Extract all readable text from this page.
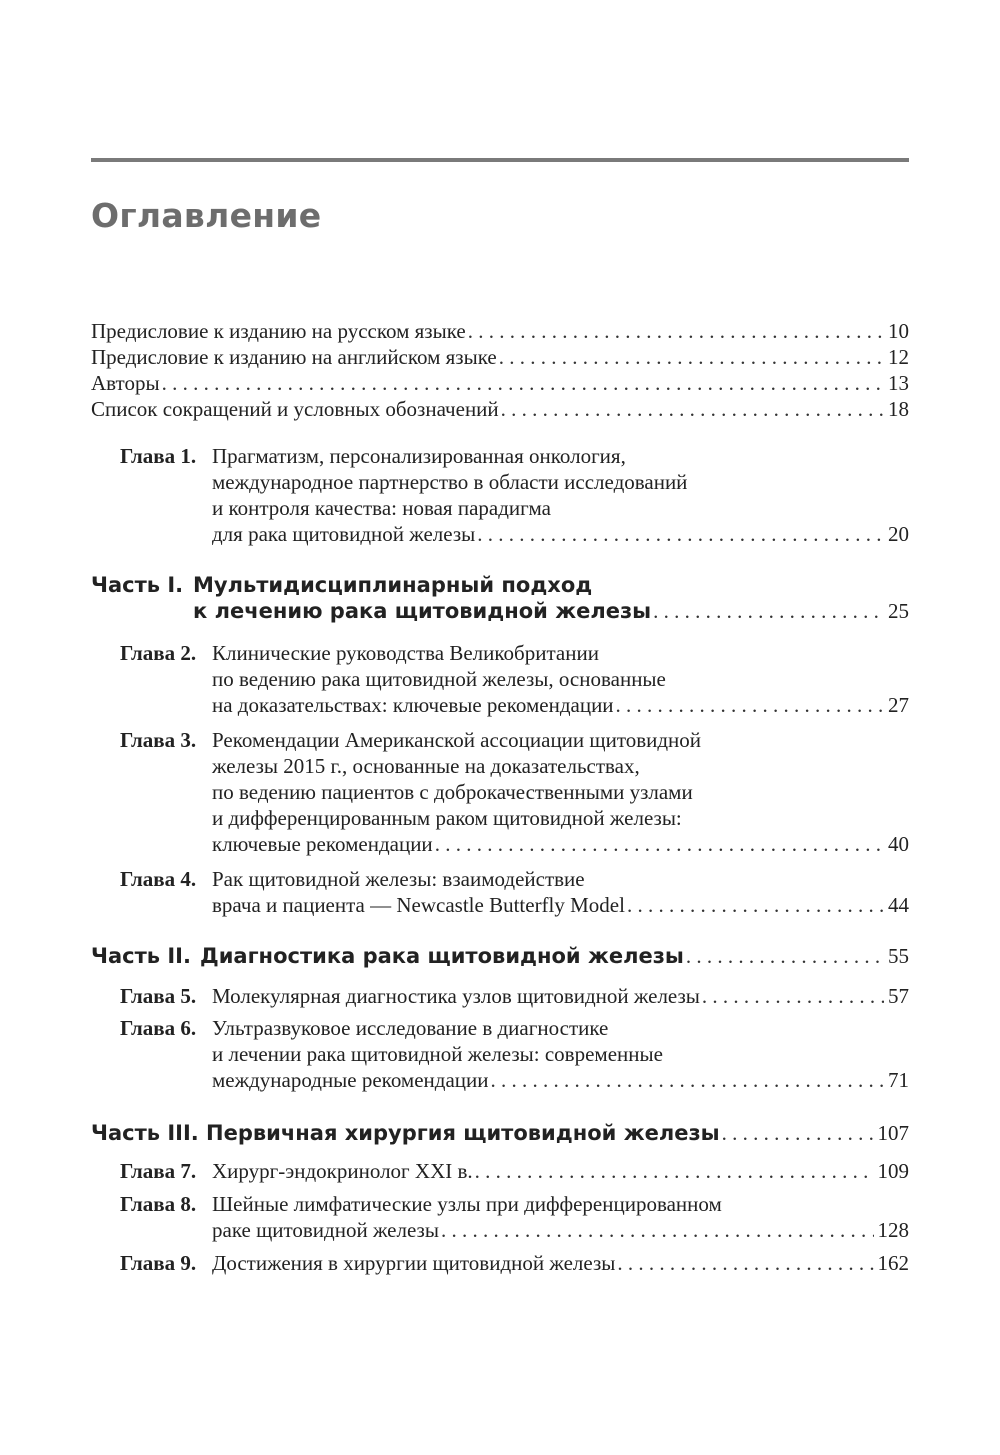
Оглавление
Предисловие к изданию на русском языке . . .	10
Предисловие к изданию на английском языке . . .	12
Авторы . . .	13
Список сокращений и условных обозначений . . .	18
Глава 1. Прагматизм, персонализированная онкология,
международное партнерство в области исследований
и контроля качества: новая парадигма
для рака щитовидной железы . . .	20
Часть I. Мультидисциплинарный подход
к лечению рака щитовидной железы . . .	25
Глава 2. Клинические руководства Великобритании
по ведению рака щитовидной железы, основанные
на доказательствах: ключевые рекомендации . . .	27
Глава 3. Рекомендации Американской ассоциации щитовидной
железы 2015 г., основанные на доказательствах,
по ведению пациентов с доброкачественными узлами
и дифференцированным раком щитовидной железы:
ключевые рекомендации . . .	40
Глава 4. Рак щитовидной железы: взаимодействие
врача и пациента — Newcastle Butterfly Model . . .	44
Часть II. Диагностика рака щитовидной железы . . .	55
Глава 5. Молекулярная диагностика узлов щитовидной железы . . .	57
Глава 6. Ультразвуковое исследование в диагностике
и лечении рака щитовидной железы: современные
международные рекомендации . . .	71
Часть III. Первичная хирургия щитовидной железы . . .	107
Глава 7. Хирург-эндокринолог XXI в. . . .	109
Глава 8. Шейные лимфатические узлы при дифференцированном
раке щитовидной железы . . .	128
Глава 9. Достижения в хирургии щитовидной железы . . .	162
